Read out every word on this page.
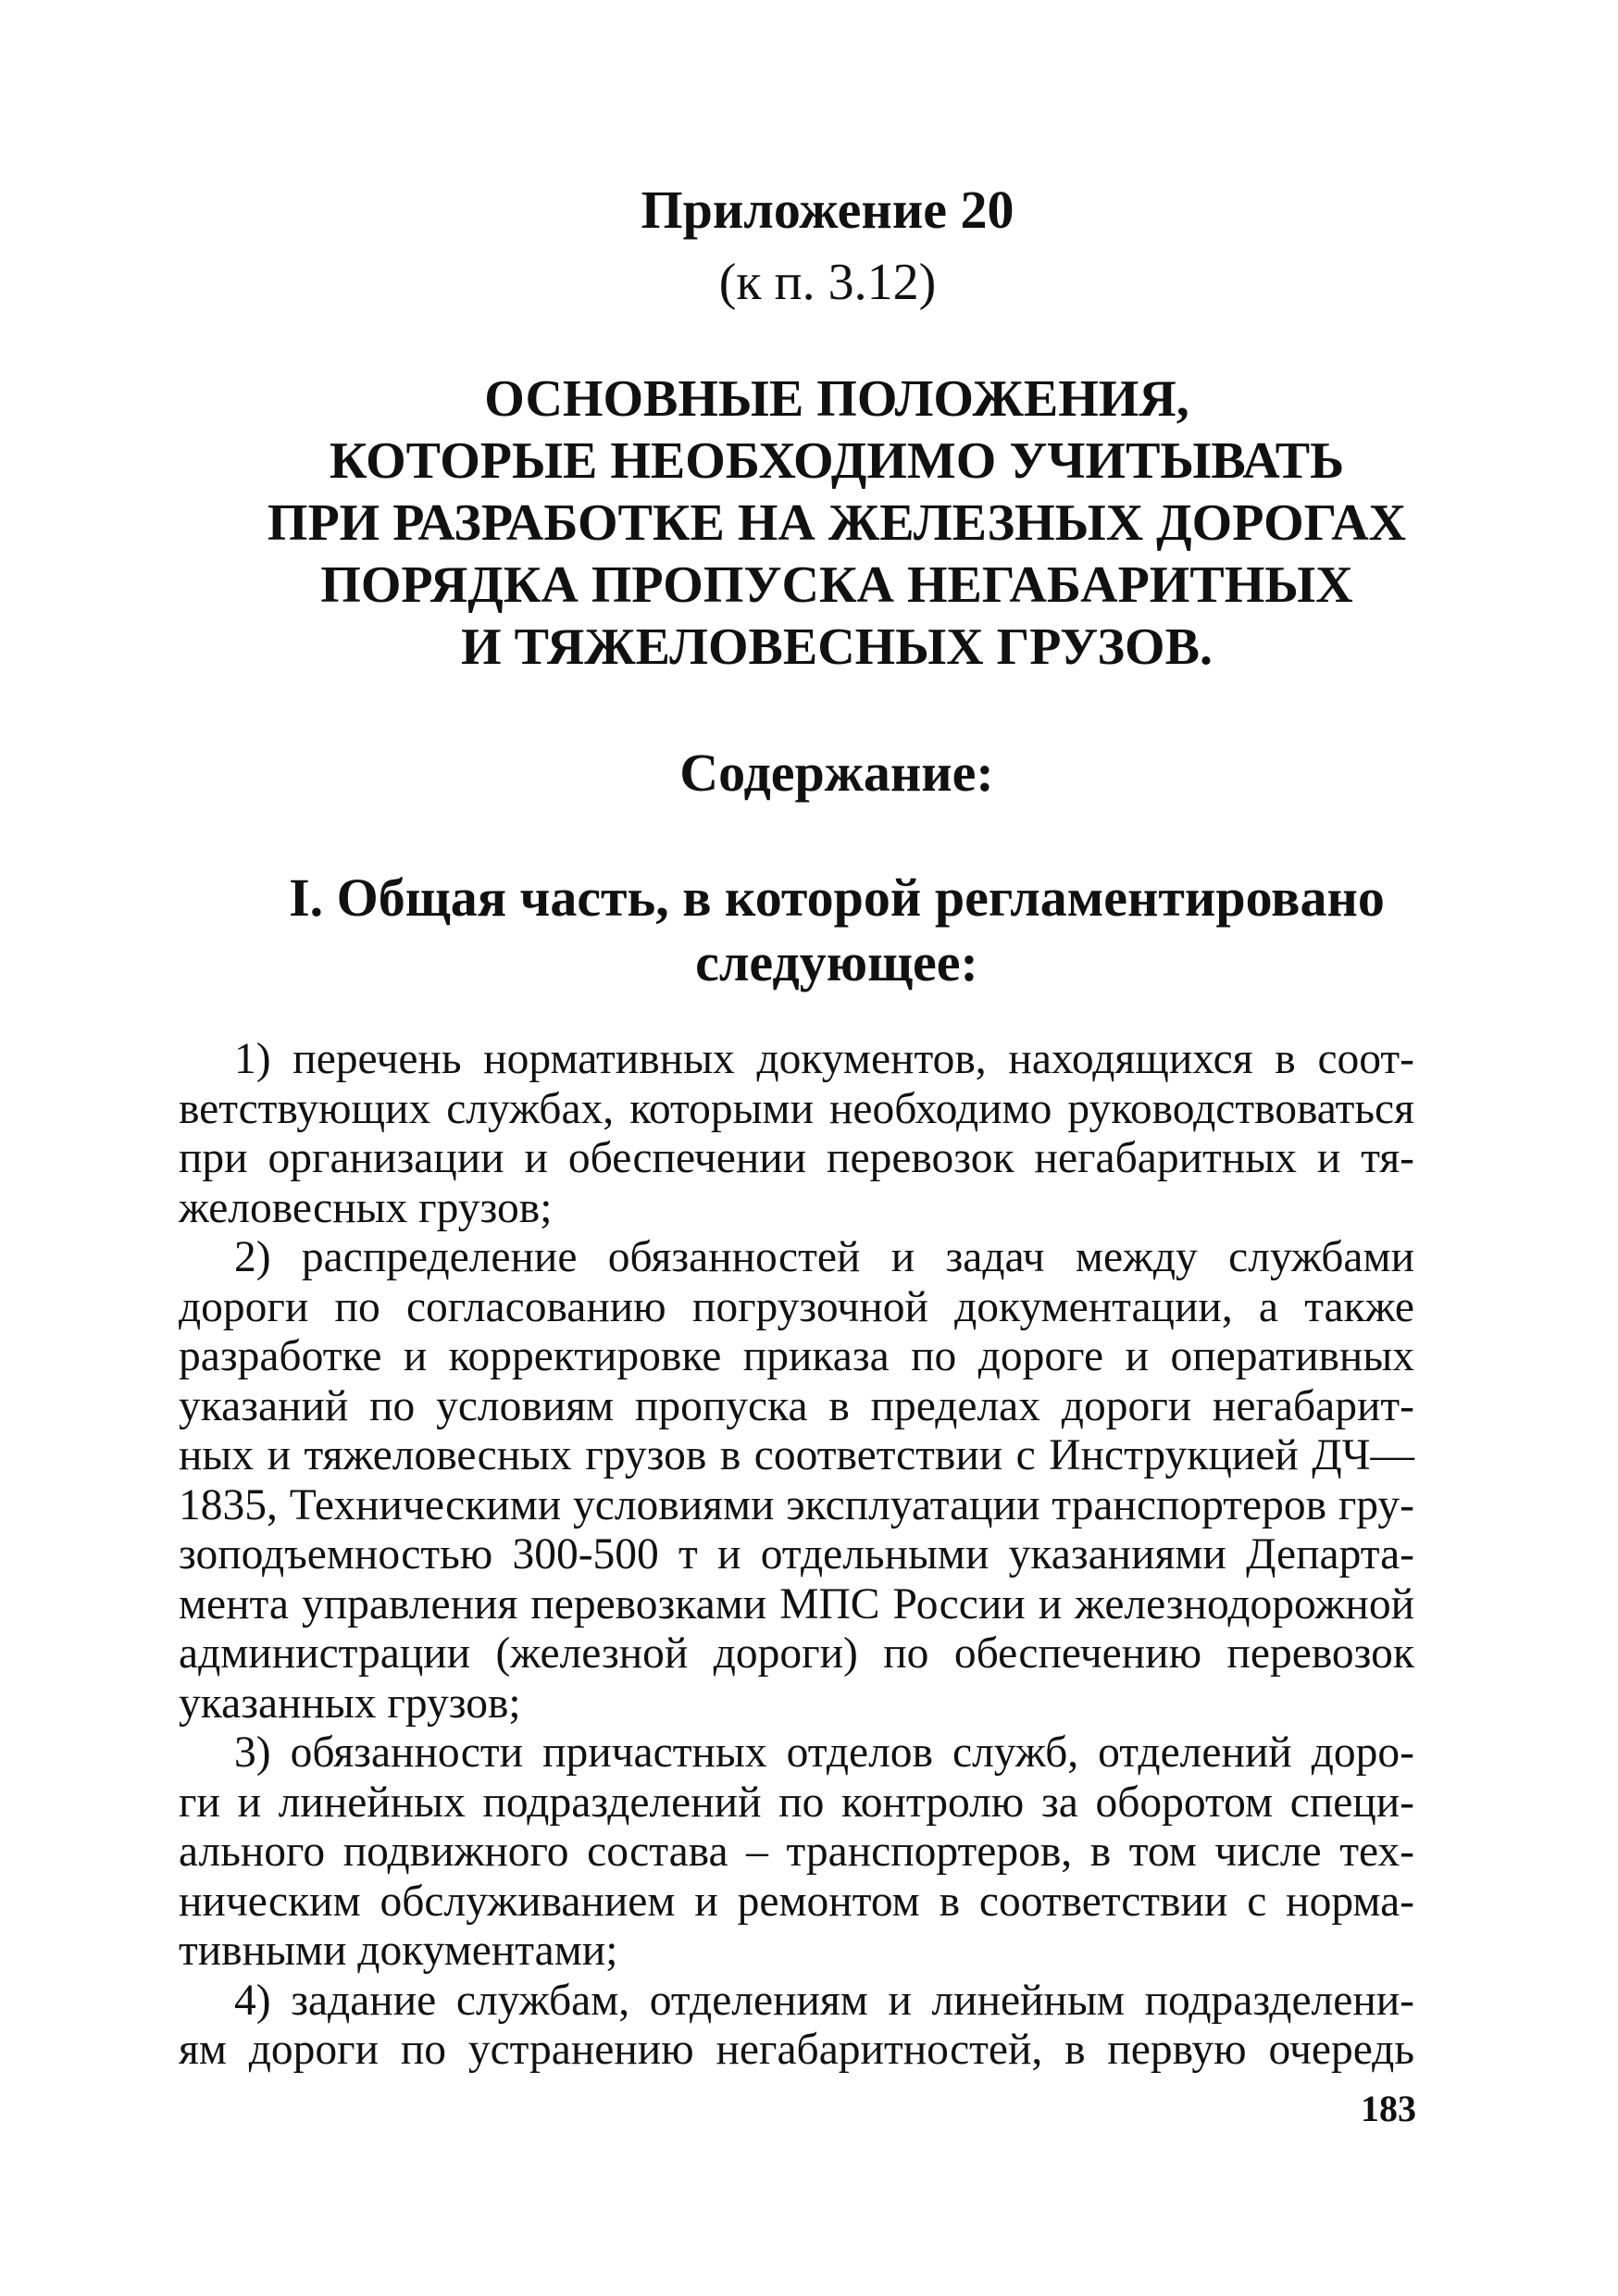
Приложение 20
(к п. 3.12)
ОСНОВНЫЕ ПОЛОЖЕНИЯ,
КОТОРЫЕ НЕОБХОДИМО УЧИТЫВАТЬ
ПРИ РАЗРАБОТКЕ НА ЖЕЛЕЗНЫХ ДОРОГАХ
ПОРЯДКА ПРОПУСКА НЕГАБАРИТНЫХ
И ТЯЖЕЛОВЕСНЫХ ГРУЗОВ.
Содержание:
I. Общая часть, в которой регламентировано
следующее:
1) перечень нормативных документов, находящихся в соот-
ветствующих службах, которыми необходимо руководствоваться
при организации и обеспечении перевозок негабаритных и тя-
желовесных грузов;
2) распределение обязанностей и задач между службами
дороги по согласованию погрузочной документации, а также
разработке и корректировке приказа по дороге и оперативных
указаний по условиям пропуска в пределах дороги негабарит-
ных и тяжеловесных грузов в соответствии с Инструкцией ДЧ—
1835, Техническими условиями эксплуатации транспортеров гру-
зоподъемностью 300-500 т и отдельными указаниями Департа-
мента управления перевозками МПС России и железнодорожной
администрации (железной дороги) по обеспечению перевозок
указанных грузов;
3) обязанности причастных отделов служб, отделений доро-
ги и линейных подразделений по контролю за оборотом специ-
ального подвижного состава – транспортеров, в том числе тех-
ническим обслуживанием и ремонтом в соответствии с норма-
тивными документами;
4) задание службам, отделениям и линейным подразделени-
ям дороги по устранению негабаритностей, в первую очередь
183
